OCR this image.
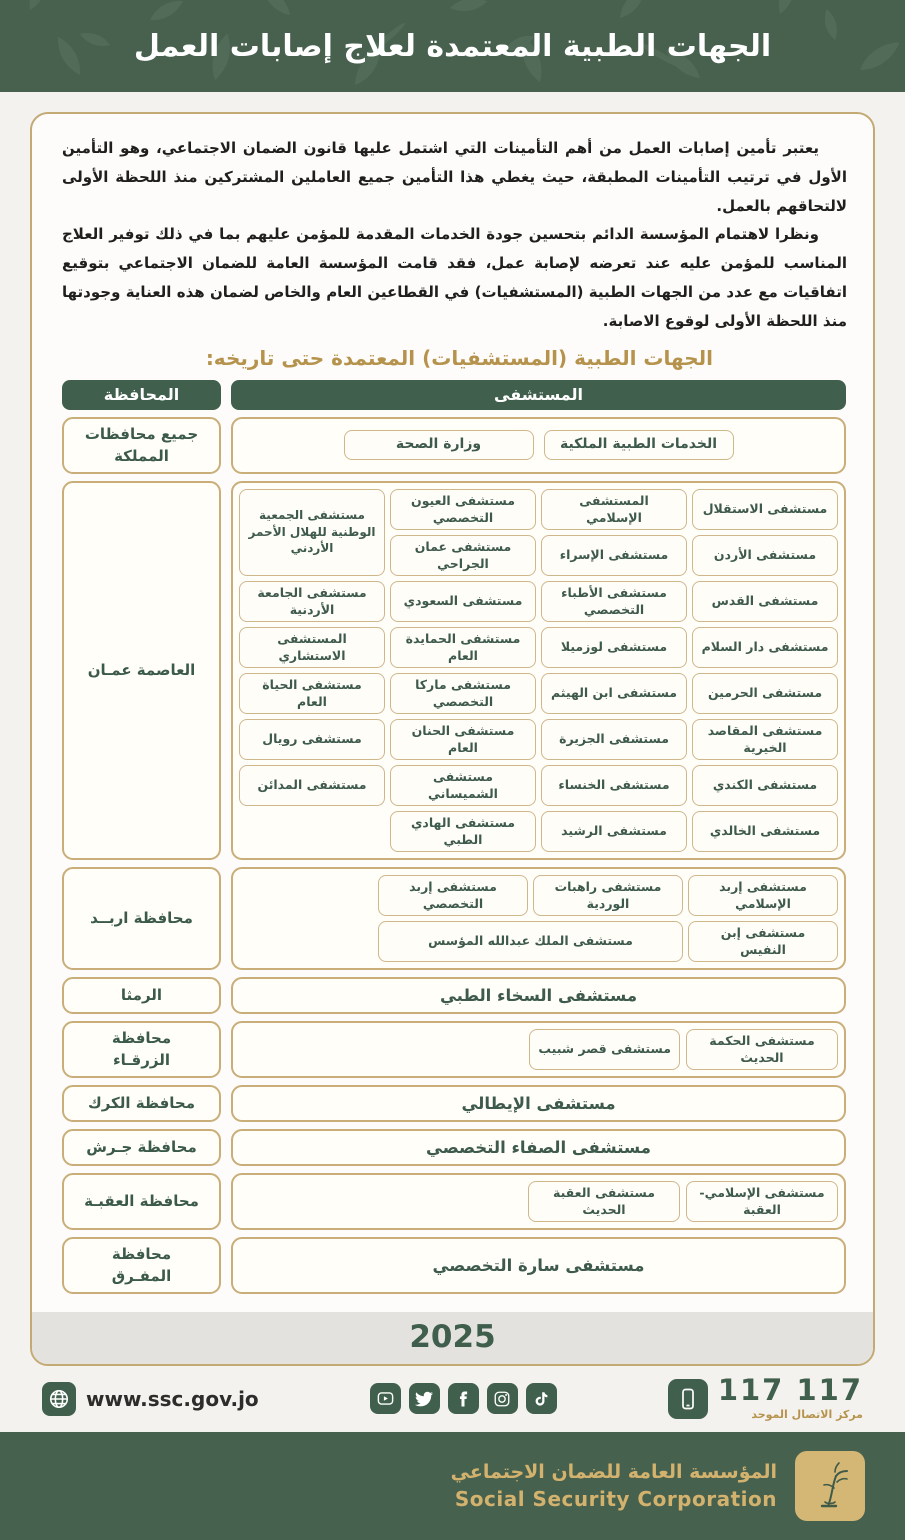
الجهات الطبية المعتمدة لعلاج إصابات العمل

يعتبر تأمين إصابات العمل من أهم التأمينات التي اشتمل عليها قانون الضمان الاجتماعي، وهو التأمين الأول في ترتيب التأمينات المطبقة، حيث يغطي هذا التأمين جميع العاملين المشتركين منذ اللحظة الأولى لالتحاقهم بالعمل.

ونظرا لاهتمام المؤسسة الدائم بتحسين جودة الخدمات المقدمة للمؤمن عليهم بما في ذلك توفير العلاج المناسب للمؤمن عليه عند تعرضه لإصابة عمل، فقد قامت المؤسسة العامة للضمان الاجتماعي بتوقيع اتفاقيات مع عدد من الجهات الطبية (المستشفيات) في القطاعين العام والخاص لضمان هذه العناية وجودتها منذ اللحظة الأولى لوقوع الاصابة.

الجهات الطبية (المستشفيات) المعتمدة حتى تاريخه:
المستشفى
المحافظة
الخدمات الطبية الملكية
وزارة الصحة
جميع محافظات المملكة
مستشفى الاستقلال
المستشفى الإسلامي
مستشفى العيون التخصصي
مستشفى الجمعية الوطنية للهلال الأحمر الأردني	مستشفى الأردن
مستشفى الإسراء
مستشفى عمان الجراحي
مستشفى القدس
مستشفى الأطباء التخصصي
مستشفى السعودي
مستشفى الجامعة الأردنية
مستشفى دار السلام
مستشفى لوزميلا
مستشفى الحمايدة العام
المستشفى الاستشاري
مستشفى الحرمين
مستشفى ابن الهيثم
مستشفى ماركا التخصصي
مستشفى الحياة العام
مستشفى المقاصد الخيرية
مستشفى الجزيرة
مستشفى الحنان العام
مستشفى رويال
مستشفى الكندي
مستشفى الخنساء
مستشفى الشميساني
مستشفى المدائن
مستشفى الخالدي
مستشفى الرشيد
مستشفى الهادي الطبي
العاصمة عمـان
مستشفى إربد الإسلامي
مستشفى راهبات الوردية
مستشفى إربد التخصصي
مستشفى إبن النفيس
مستشفى الملك عبدالله المؤسس
محافظة اربــد
مستشفى السخاء الطبي
الرمثا
مستشفى الحكمة الحديث
مستشفى قصر شبيب
محافظة الزرقـاء
مستشفى الإيطالي
محافظة الكرك
مستشفى الصفاء التخصصي
محافظة جـرش
مستشفى الإسلامي-العقبة
مستشفى العقبة الحديث
محافظة العقبـة
مستشفى سارة التخصصي
محافظة المفـرق
2025
www.ssc.gov.jo	117 117
مركز الاتصال الموحد
المؤسسة العامة للضمان الاجتماعي
Social Security Corporation
